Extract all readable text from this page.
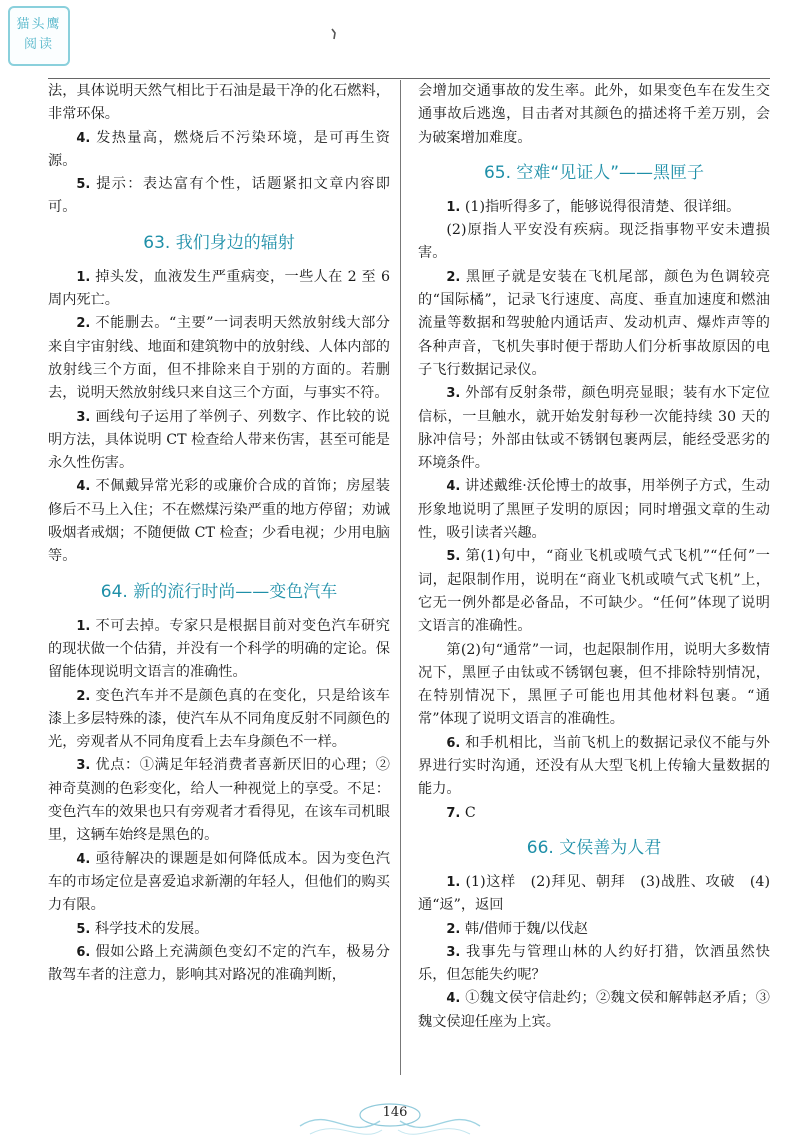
猫头鹰
阅读

法，具体说明天然气相比于石油是最干净的化石燃料，非常环保。

4. 发热量高，燃烧后不污染环境，是可再生资源。

5. 提示：表达富有个性，话题紧扣文章内容即可。

63. 我们身边的辐射

1. 掉头发，血液发生严重病变，一些人在 2 至 6 周内死亡。

2. 不能删去。“主要”一词表明天然放射线大部分来自宇宙射线、地面和建筑物中的放射线、人体内部的放射线三个方面，但不排除来自于别的方面的。若删去，说明天然放射线只来自这三个方面，与事实不符。

3. 画线句子运用了举例子、列数字、作比较的说明方法，具体说明 CT 检查给人带来伤害，甚至可能是永久性伤害。

4. 不佩戴异常光彩的或廉价合成的首饰；房屋装修后不马上入住；不在燃煤污染严重的地方停留；劝诫吸烟者戒烟；不随便做 CT 检查；少看电视；少用电脑等。

64. 新的流行时尚——变色汽车

1. 不可去掉。专家只是根据目前对变色汽车研究的现状做一个估猜，并没有一个科学的明确的定论。保留能体现说明文语言的准确性。

2. 变色汽车并不是颜色真的在变化，只是给该车漆上多层特殊的漆，使汽车从不同角度反射不同颜色的光，旁观者从不同角度看上去车身颜色不一样。

3. 优点：①满足年轻消费者喜新厌旧的心理；②神奇莫测的色彩变化，给人一种视觉上的享受。不足：变色汽车的效果也只有旁观者才看得见，在该车司机眼里，这辆车始终是黑色的。

4. 亟待解决的课题是如何降低成本。因为变色汽车的市场定位是喜爱追求新潮的年轻人，但他们的购买力有限。

5. 科学技术的发展。

6. 假如公路上充满颜色变幻不定的汽车，极易分散驾车者的注意力，影响其对路况的准确判断，

会增加交通事故的发生率。此外，如果变色车在发生交通事故后逃逸，目击者对其颜色的描述将千差万别，会为破案增加难度。

65. 空难“见证人”——黑匣子

1. (1)指听得多了，能够说得很清楚、很详细。

(2)原指人平安没有疾病。现泛指事物平安未遭损害。

2. 黑匣子就是安装在飞机尾部，颜色为色调较亮的“国际橘”，记录飞行速度、高度、垂直加速度和燃油流量等数据和驾驶舱内通话声、发动机声、爆炸声等的各种声音，飞机失事时便于帮助人们分析事故原因的电子飞行数据记录仪。

3. 外部有反射条带，颜色明亮显眼；装有水下定位信标，一旦触水，就开始发射每秒一次能持续 30 天的脉冲信号；外部由钛或不锈钢包裹两层，能经受恶劣的环境条件。

4. 讲述戴维·沃伦博士的故事，用举例子方式，生动形象地说明了黑匣子发明的原因；同时增强文章的生动性，吸引读者兴趣。

5. 第(1)句中，“商业飞机或喷气式飞机”“任何”一词，起限制作用，说明在“商业飞机或喷气式飞机”上，它无一例外都是必备品，不可缺少。“任何”体现了说明文语言的准确性。

第(2)句“通常”一词，也起限制作用，说明大多数情况下，黑匣子由钛或不锈钢包裹，但不排除特别情况，在特别情况下，黑匣子可能也用其他材料包裹。“通常”体现了说明文语言的准确性。

6. 和手机相比，当前飞机上的数据记录仪不能与外界进行实时沟通，还没有从大型飞机上传输大量数据的能力。

7. C

66. 文侯善为人君

1. (1)这样　(2)拜见、朝拜　(3)战胜、攻破　(4)通“返”，返回

2. 韩/借师于魏/以伐赵

3. 我事先与管理山林的人约好打猎，饮酒虽然快乐，但怎能失约呢？

4. ①魏文侯守信赴约；②魏文侯和解韩赵矛盾；③魏文侯迎任座为上宾。

146
